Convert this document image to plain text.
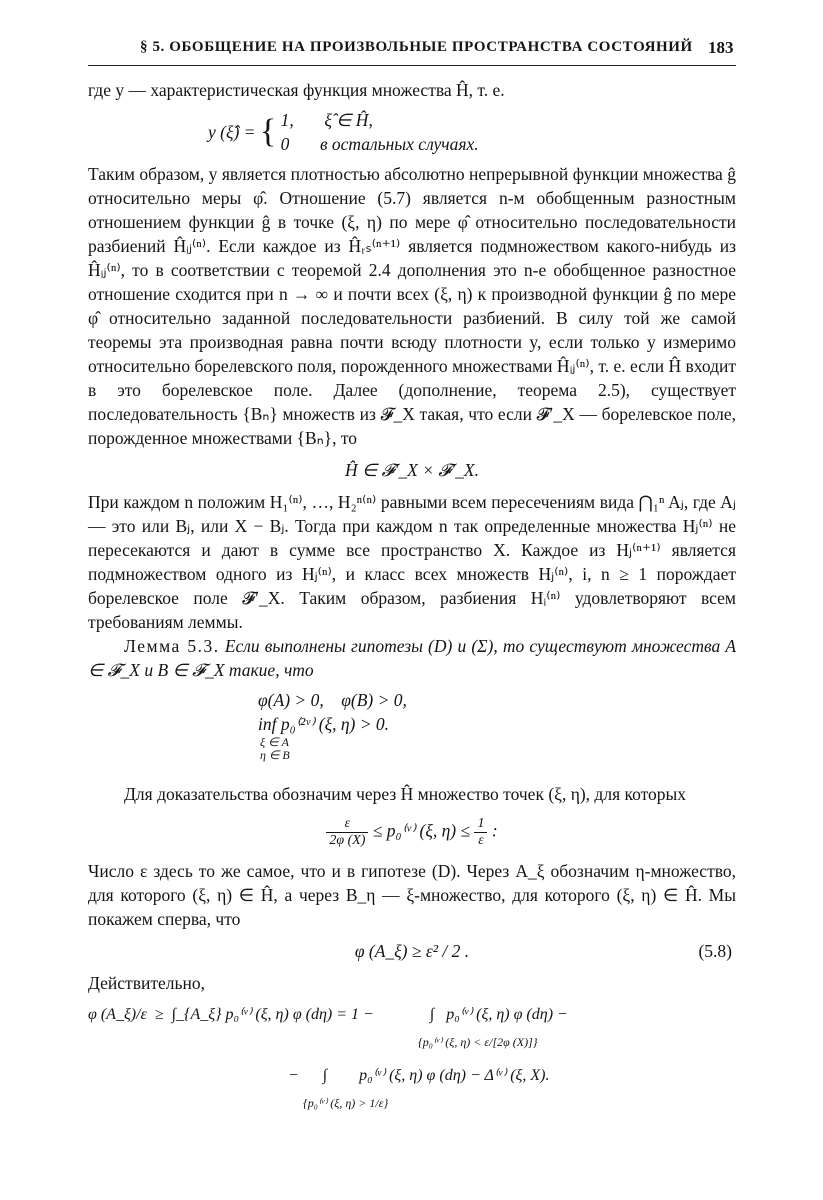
§ 5. ОБОБЩЕНИЕ НА ПРОИЗВОЛЬНЫЕ ПРОСТРАНСТВА СОСТОЯНИЙ 183

где y — характеристическая функция множества Ĥ, т. е.

y (ξ̂) = { 1,       ξ̂ ∈ Ĥ,
0       в остальных случаях.

Таким образом, y является плотностью абсолютно непрерывной функции множества ĝ относительно меры φ̂. Отношение (5.7) является n-м обобщенным разностным отношением функции ĝ в точке (ξ, η) по мере φ̂ относительно последовательности разбиений Ĥᵢⱼ⁽ⁿ⁾. Если каждое из Ĥᵣₛ⁽ⁿ⁺¹⁾ является подмножеством какого-нибудь из Ĥᵢⱼ⁽ⁿ⁾, то в соответствии с теоремой 2.4 дополнения это n-е обобщенное разностное отношение сходится при n → ∞ и почти всех (ξ, η) к производной функции ĝ по мере φ̂ относительно заданной последовательности разбиений. В силу той же самой теоремы эта производная равна почти всюду плотности y, если только y измеримо относительно борелевского поля, порожденного множествами Ĥᵢⱼ⁽ⁿ⁾, т. е. если Ĥ входит в это борелевское поле. Далее (дополнение, теорема 2.5), существует последовательность {Bₙ} множеств из 𝓕_X такая, что если 𝓕′_X — борелевское поле, порожденное множествами {Bₙ}, то

Ĥ ∈ 𝓕′_X × 𝓕′_X.

При каждом n положим H₁⁽ⁿ⁾, …, H₂ⁿ⁽ⁿ⁾ равными всем пересечениям вида ⋂₁ⁿ Aⱼ, где Aⱼ — это или Bⱼ, или X − Bⱼ. Тогда при каждом n так определенные множества Hⱼ⁽ⁿ⁾ не пересекаются и дают в сумме все пространство X. Каждое из Hⱼ⁽ⁿ⁺¹⁾ является подмножеством одного из Hⱼ⁽ⁿ⁾, и класс всех множеств Hⱼ⁽ⁿ⁾, i, n ≥ 1 порождает борелевское поле 𝓕′_X. Таким образом, разбиения Hᵢ⁽ⁿ⁾ удовлетворяют всем требованиям леммы.

Лемма 5.3. Если выполнены гипотезы (D) и (Σ), то существуют множества A ∈ 𝓕_X и B ∈ 𝓕_X такие, что

φ(A) > 0,    φ(B) > 0,
inf p₀⁽²ᵛ⁾ (ξ, η) > 0.
ξ ∈ A
η ∈ B

Для доказательства обозначим через Ĥ множество точек (ξ, η), для которых

$\frac{\varepsilon}{2\varphi (X)}$ ≤ p₀⁽ᵛ⁾ (ξ, $\eta) \le \frac{1}{\varepsilon}$ :

Число ε здесь то же самое, что и в гипотезе (D). Через A_ξ обозначим η-множество, для которого (ξ, η) ∈ Ĥ, а через B_η — ξ-множество, для которого (ξ, η) ∈ Ĥ. Мы покажем сперва, что

φ (A_ξ) ≥ ε² / 2 .	(5.8)

Действительно,

φ (A_ξ)/ε  ≥  ∫_{A_ξ} p₀⁽ᵛ⁾ (ξ, η) φ (dη) = 1 −              ∫   p₀⁽ᵛ⁾ (ξ, η) φ (dη) −
{p₀⁽ᵛ⁾ (ξ, η) < ε/[2φ (X)]}
−      ∫        p₀⁽ᵛ⁾ (ξ, η) φ (dη) − Δ⁽ᵛ⁾ (ξ, X).
{p₀⁽ᵛ⁾ (ξ, η) > 1/ε}
